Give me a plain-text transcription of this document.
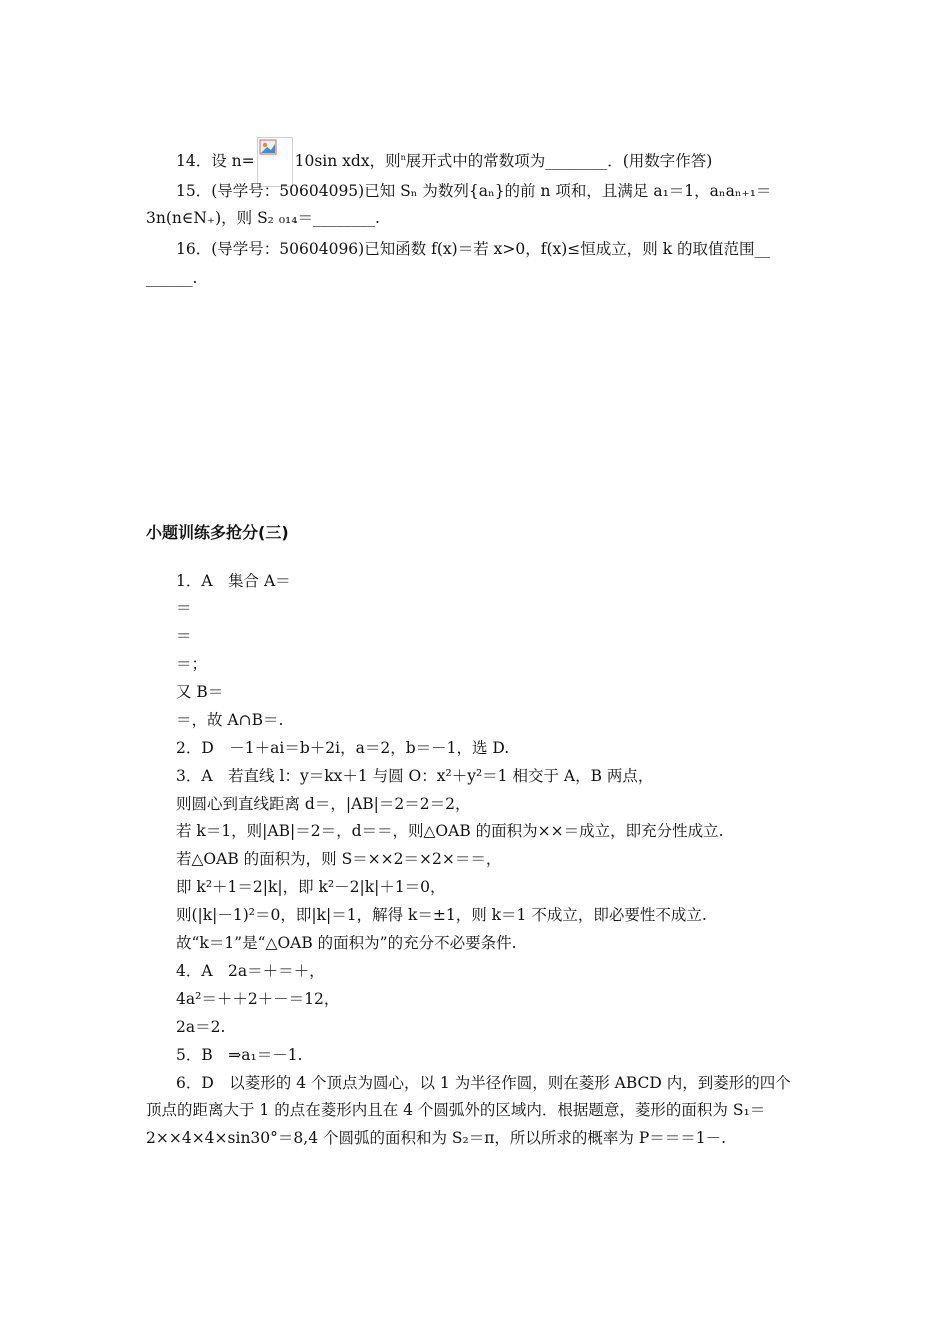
14．设 n=	10sin xdx，则$^n$展开式中的常数项为________．(用数字作答)
15．(导学号：50604095)已知 Sₙ 为数列{aₙ}的前 n 项和，且满足 a₁＝1，aₙaₙ₊₁＝
3n(n∈N₊)，则 S₂ ₀₁₄＝________.
16．(导学号：50604096)已知函数 f(x)＝若 x>0，f(x)≤恒成立，则 k 的取值范围__
______.
小题训练多抢分(三)
1．A　集合 A＝
＝
＝
＝；
又 B＝
＝，故 A∩B＝.
2．D　－1＋ai＝b＋2i，a＝2，b＝－1，选 D.
3．A　若直线 l：y＝kx＋1 与圆 O：x²＋y²＝1 相交于 A，B 两点，
则圆心到直线距离 d＝，|AB|＝2＝2＝2，
若 k＝1，则|AB|＝2＝，d＝＝，则△OAB 的面积为××＝成立，即充分性成立.
若△OAB 的面积为，则 S＝××2＝×2×＝＝，
即 k²＋1＝2|k|，即 k²－2|k|＋1＝0，
则(|k|－1)²＝0，即|k|＝1，解得 k＝±1，则 k＝1 不成立，即必要性不成立.
故“k＝1”是“△OAB 的面积为”的充分不必要条件.
4．A　2a＝＋＝＋，
4a²＝＋＋2＋－＝12，
2a＝2.
5．B　⇒a₁＝－1.
6．D　以菱形的 4 个顶点为圆心，以 1 为半径作圆，则在菱形 ABCD 内，到菱形的四个
顶点的距离大于 1 的点在菱形内且在 4 个圆弧外的区域内．根据题意，菱形的面积为 S₁＝
2××4×4×sin30°＝8,4 个圆弧的面积和为 S₂＝π，所以所求的概率为 P＝＝＝1－.
